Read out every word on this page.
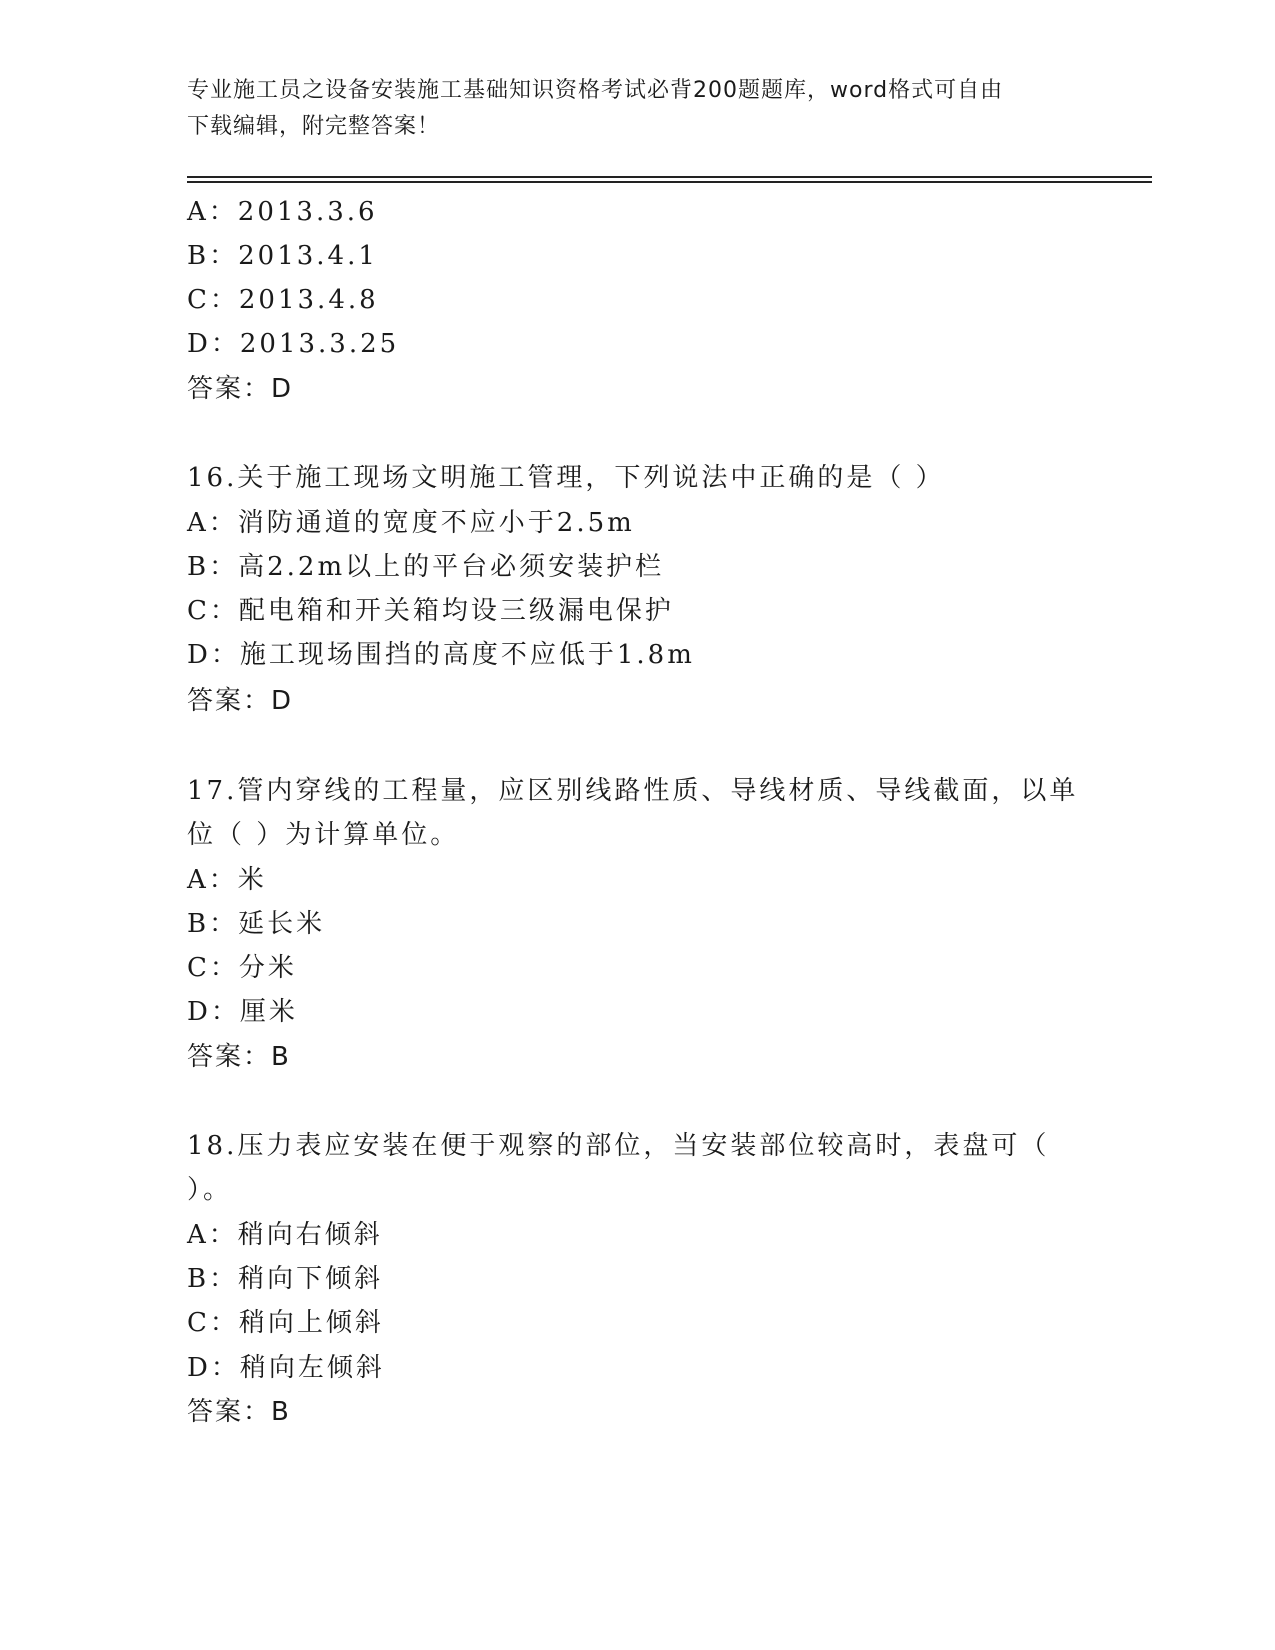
专业施工员之设备安装施工基础知识资格考试必背200题题库，word格式可自由
下载编辑，附完整答案！
A：2013.3.6
B：2013.4.1
C：2013.4.8
D：2013.3.25
答案：D
16.关于施工现场文明施工管理，下列说法中正确的是（ ）
A：消防通道的宽度不应小于2.5m
B：高2.2m以上的平台必须安装护栏
C：配电箱和开关箱均设三级漏电保护
D：施工现场围挡的高度不应低于1.8m
答案：D
17.管内穿线的工程量，应区别线路性质、导线材质、导线截面，以单
位（ ）为计算单位。
A：米
B：延长米
C：分米
D：厘米
答案：B
18.压力表应安装在便于观察的部位，当安装部位较高时，表盘可（
）。
A：稍向右倾斜
B：稍向下倾斜
C：稍向上倾斜
D：稍向左倾斜
答案：B
